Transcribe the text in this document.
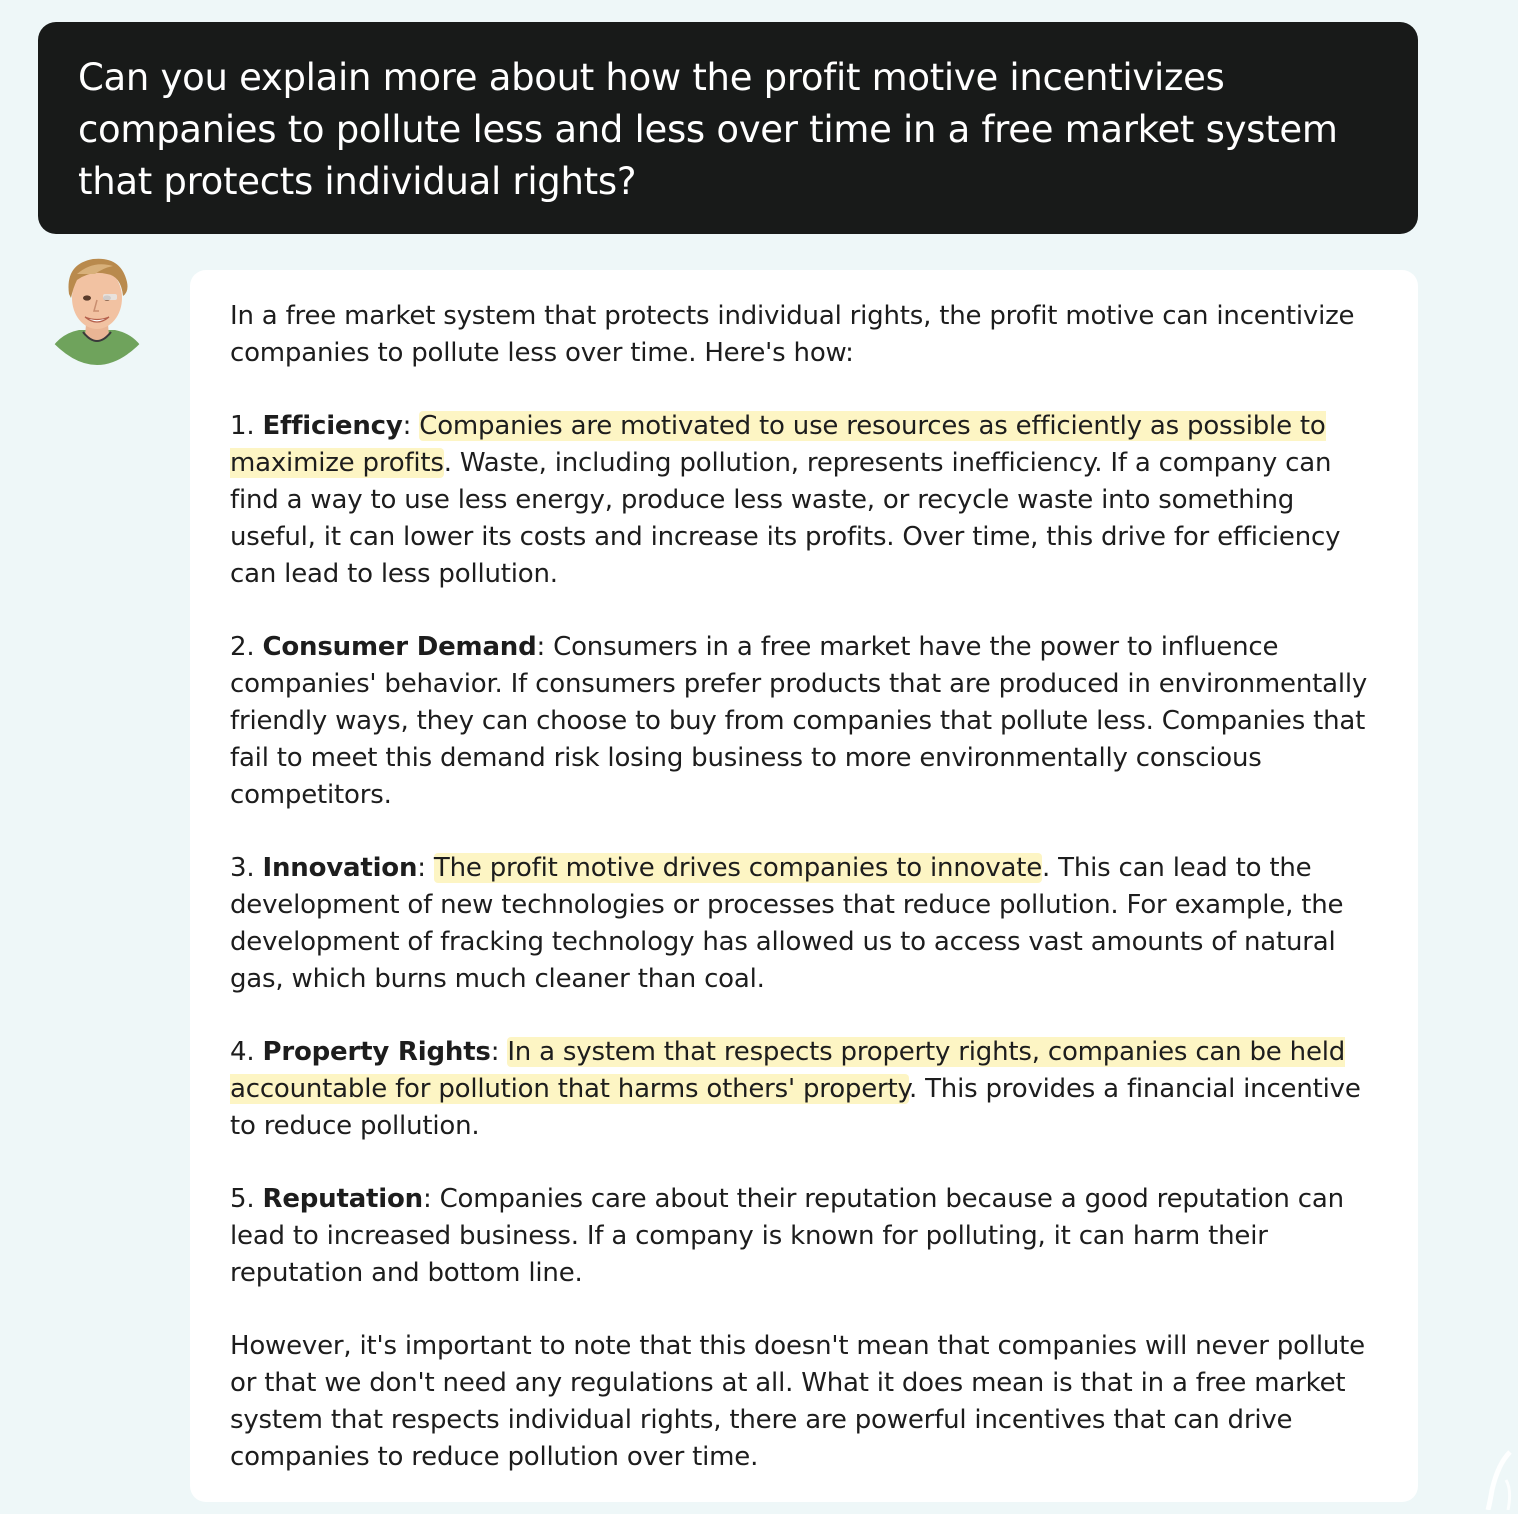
Can you explain more about how the profit motive incentivizes companies to pollute less and less over time in a free market system that protects individual rights?

In a free market system that protects individual rights, the profit motive can incentivize companies to pollute less over time. Here's how:

1. Efficiency: Companies are motivated to use resources as efficiently as possible to maximize profits. Waste, including pollution, represents inefficiency. If a company can find a way to use less energy, produce less waste, or recycle waste into something useful, it can lower its costs and increase its profits. Over time, this drive for efficiency can lead to less pollution.

2. Consumer Demand: Consumers in a free market have the power to influence companies' behavior. If consumers prefer products that are produced in environmentally friendly ways, they can choose to buy from companies that pollute less. Companies that fail to meet this demand risk losing business to more environmentally conscious competitors.

3. Innovation: The profit motive drives companies to innovate. This can lead to the development of new technologies or processes that reduce pollution. For example, the development of fracking technology has allowed us to access vast amounts of natural gas, which burns much cleaner than coal.

4. Property Rights: In a system that respects property rights, companies can be held accountable for pollution that harms others' property. This provides a financial incentive to reduce pollution.

5. Reputation: Companies care about their reputation because a good reputation can lead to increased business. If a company is known for polluting, it can harm their reputation and bottom line.

However, it's important to note that this doesn't mean that companies will never pollute or that we don't need any regulations at all. What it does mean is that in a free market system that respects individual rights, there are powerful incentives that can drive companies to reduce pollution over time.
